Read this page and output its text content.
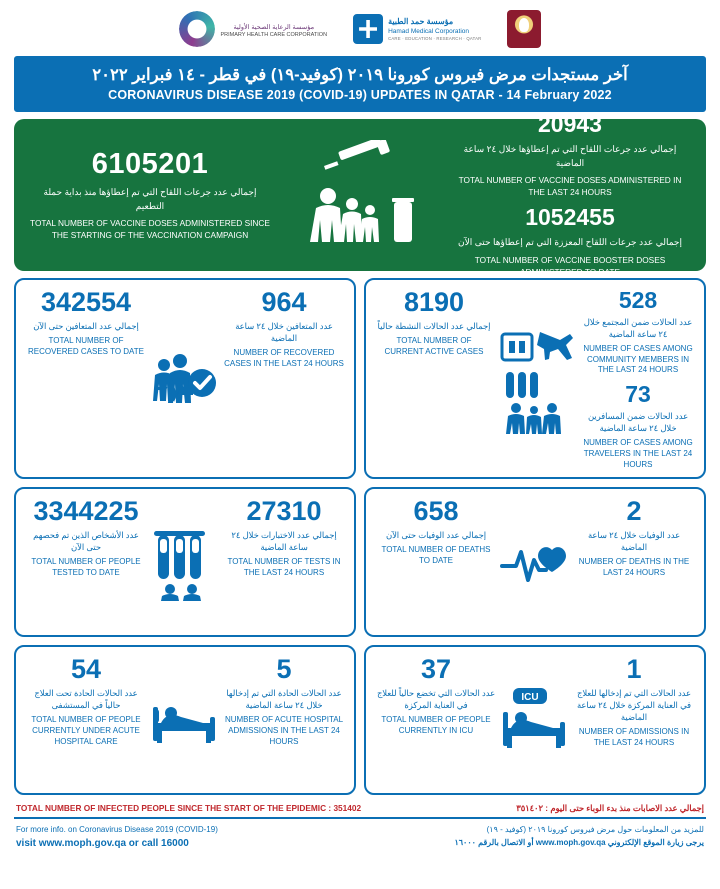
مؤسسة الرعاية الصحية الأولية
PRIMARY HEALTH CARE CORPORATION
مؤسسة حمد الطبية
Hamad Medical Corporation
CARE · EDUCATION · RESEARCH · QATAR
آخر مستجدات مرض فيروس كورونا ٢٠١٩ (كوفيد-١٩) في قطر - ١٤ فبراير ٢٠٢٢
CORONAVIRUS DISEASE 2019 (COVID-19) UPDATES IN QATAR - 14 February 2022
6105201
إجمالي عدد جرعات اللقاح التي تم إعطاؤها منذ بداية حملة التطعيم
TOTAL NUMBER OF VACCINE DOSES ADMINISTERED SINCE THE STARTING OF THE VACCINATION CAMPAIGN
20943
إجمالي عدد جرعات اللقاح التي تم إعطاؤها خلال ٢٤ ساعة الماضية
TOTAL NUMBER OF VACCINE DOSES ADMINISTERED IN THE LAST 24 HOURS
1052455
إجمالي عدد جرعات اللقاح المعززة التي تم إعطاؤها حتى الآن
TOTAL NUMBER OF VACCINE BOOSTER DOSES ADMINISTERED TO DATE
342554
إجمالي عدد المتعافين حتى الآن
TOTAL NUMBER OF RECOVERED CASES TO DATE
964
عدد المتعافين خلال ٢٤ ساعة الماضية
NUMBER OF RECOVERED CASES IN THE LAST 24 HOURS
8190
إجمالي عدد الحالات النشطة حالياً
TOTAL NUMBER OF CURRENT ACTIVE CASES
528
عدد الحالات ضمن المجتمع خلال ٢٤ ساعة الماضية
NUMBER OF CASES AMONG COMMUNITY MEMBERS IN THE LAST 24 HOURS
73
عدد الحالات ضمن المسافرين خلال ٢٤ ساعة الماضية
NUMBER OF CASES AMONG TRAVELERS IN THE LAST 24 HOURS
3344225
عدد الأشخاص الذين تم فحصهم حتى الآن
TOTAL NUMBER OF PEOPLE TESTED TO DATE
27310
إجمالي عدد الاختبارات خلال ٢٤ ساعة الماضية
TOTAL NUMBER OF TESTS IN THE LAST 24 HOURS
658
إجمالي عدد الوفيات حتى الآن
TOTAL NUMBER OF DEATHS TO DATE
2
عدد الوفيات خلال ٢٤ ساعة الماضية
NUMBER OF DEATHS IN THE LAST 24 HOURS
54
عدد الحالات الحادة تحت العلاج حالياً في المستشفى
TOTAL NUMBER OF PEOPLE CURRENTLY UNDER ACUTE HOSPITAL CARE
5
عدد الحالات الحادة التي تم إدخالها خلال ٢٤ ساعة الماضية
NUMBER OF ACUTE HOSPITAL ADMISSIONS IN THE LAST 24 HOURS
37
عدد الحالات التي تخضع حالياً للعلاج في العناية المركزة
TOTAL NUMBER OF PEOPLE CURRENTLY IN ICU
ICU
1
عدد الحالات التي تم إدخالها للعلاج في العناية المركزة خلال ٢٤ ساعة الماضية
NUMBER OF ADMISSIONS IN THE LAST 24 HOURS
TOTAL NUMBER OF INFECTED PEOPLE SINCE THE START OF THE EPIDEMIC : 351402	إجمالي عدد الاصابات منذ بدء الوباء حتى اليوم : ٣٥١٤٠٢
For more info. on Coronavirus Disease 2019 (COVID-19)
visit www.moph.gov.qa or call 16000
للمزيد من المعلومات حول مرض فيروس كورونا ٢٠١٩ (كوفيد - ١٩)
يرجى زيارة الموقع الإلكتروني www.moph.gov.qa أو الاتصال بالرقم ١٦٠٠٠
